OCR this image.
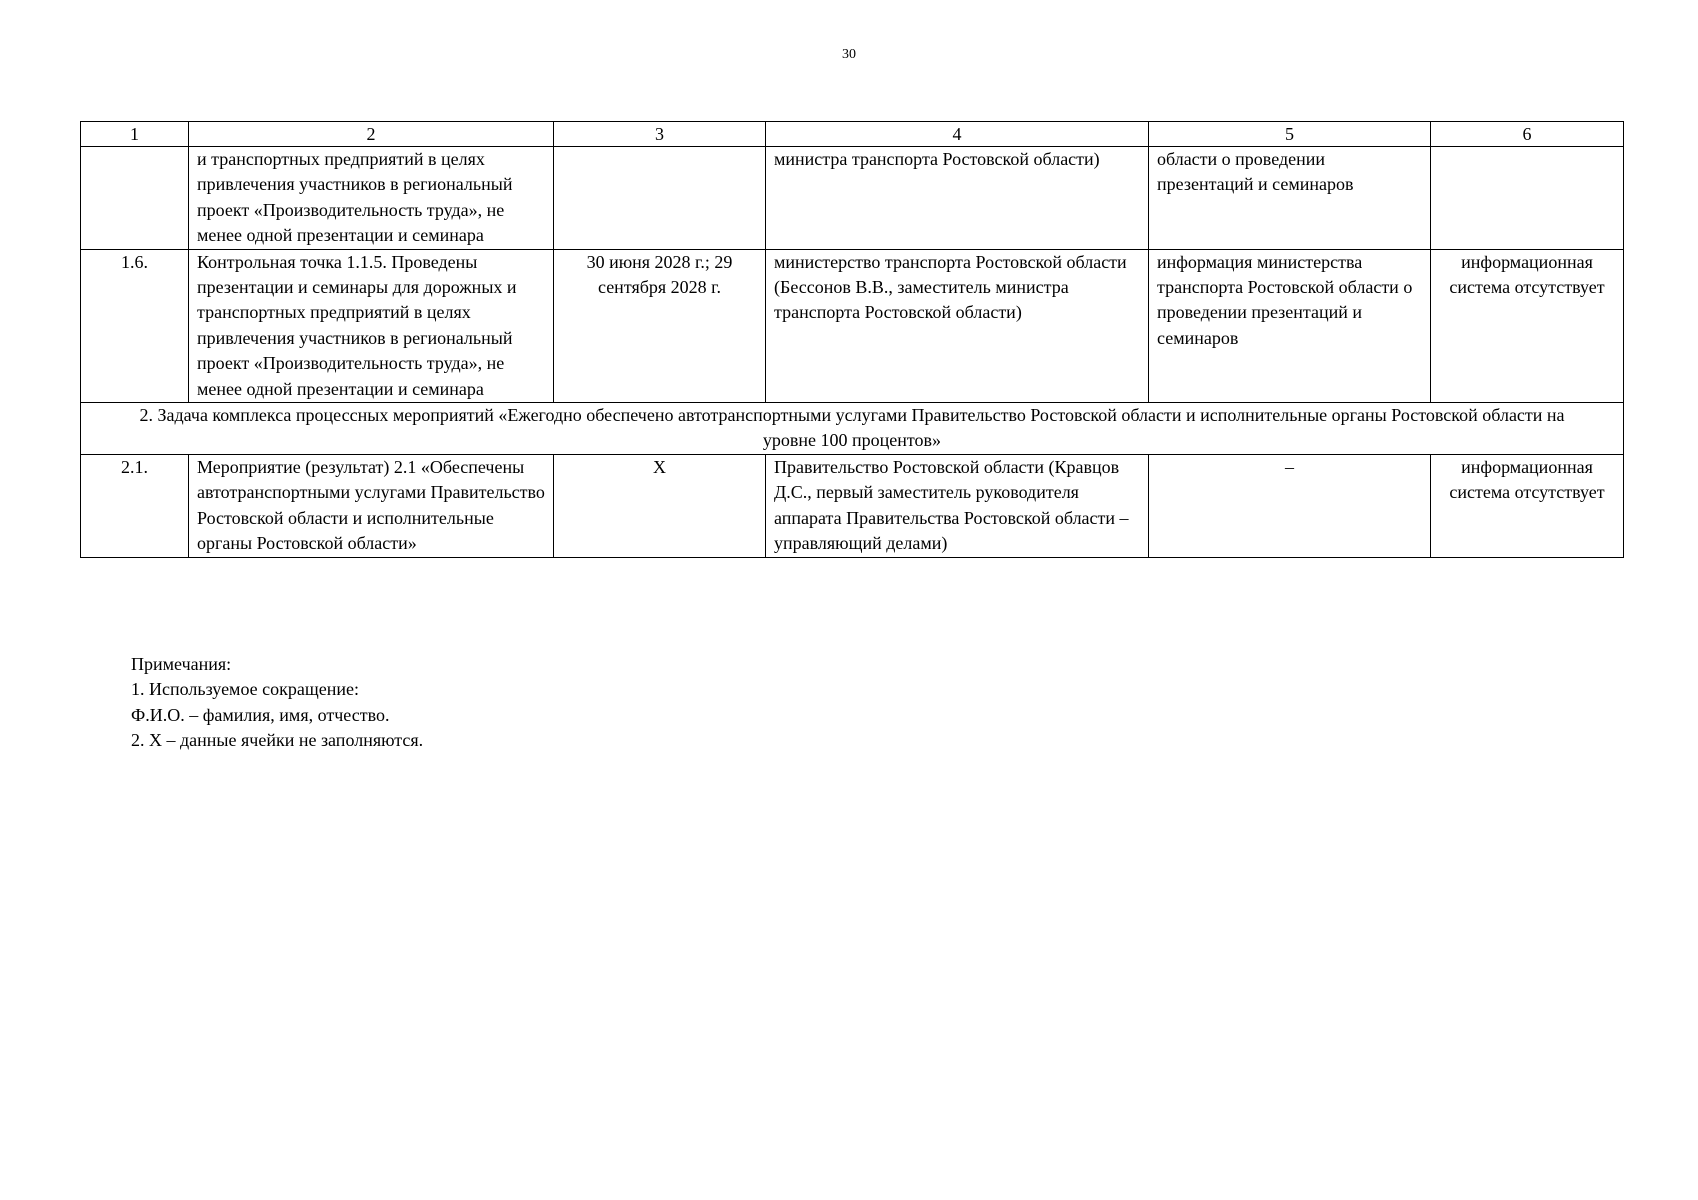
30
1	2	3	4	5	6
	и транспортных предприятий в целях привлечения участников в региональный проект «Производительность труда», не менее одной презентации и семинара		министра транспорта Ростовской области)	области о проведении презентаций и семинаров	
1.6.	Контрольная точка 1.1.5. Проведены презентации и семинары для дорожных и транспортных предприятий в целях привлечения участников в региональный проект «Производительность труда», не менее одной презентации и семинара	30 июня 2028 г.; 29 сентября 2028 г.	министерство транспорта Ростовской области (Бессонов В.В., заместитель министра транспорта Ростовской области)	информация министерства транспорта Ростовской области о проведении презентаций и семинаров	информационная система отсутствует
2. Задача комплекса процессных мероприятий «Ежегодно обеспечено автотранспортными услугами Правительство Ростовской области и исполнительные органы Ростовской области на уровне 100 процентов»					
2.1.	Мероприятие (результат) 2.1 «Обеспечены автотранспортными услугами Правительство Ростовской области и исполнительные органы Ростовской области»	Х	Правительство Ростовской области (Кравцов Д.С., первый заместитель руководителя аппарата Правительства Ростовской области – управляющий делами)	–	информационная система отсутствует
Примечания:
1. Используемое сокращение:
Ф.И.О. – фамилия, имя, отчество.
2. Х – данные ячейки не заполняются.
